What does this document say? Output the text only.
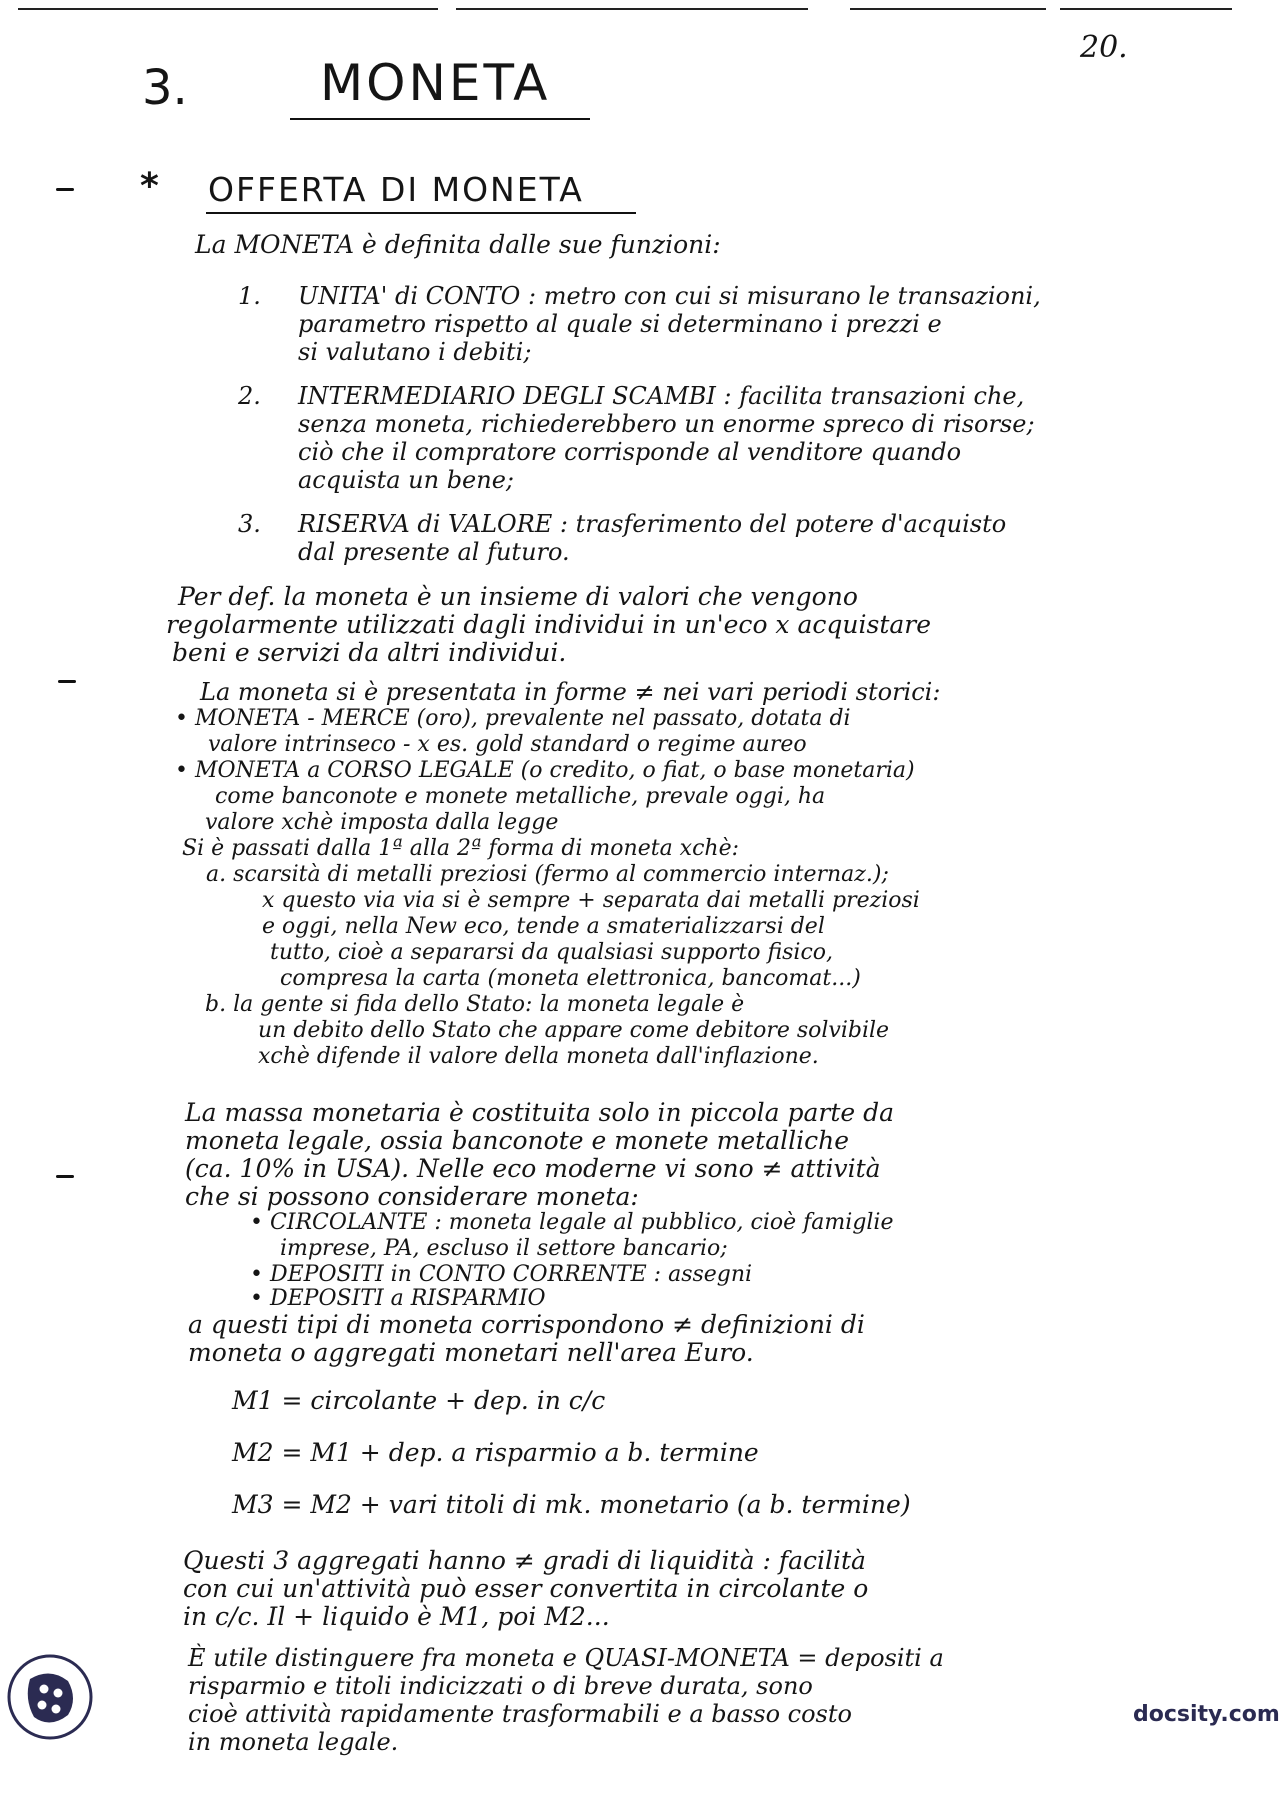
20.
3.	MONETA
* OFFERTA DI MONETA
La MONETA è definita dalle sue funzioni:
1. UNITA' di CONTO : metro con cui si misurano le transazioni,
parametro rispetto al quale si determinano i prezzi e
si valutano i debiti;
2. INTERMEDIARIO DEGLI SCAMBI : facilita transazioni che,
senza moneta, richiederebbero un enorme spreco di risorse;
ciò che il compratore corrisponde al venditore quando
acquista un bene;
3. RISERVA di VALORE : trasferimento del potere d'acquisto
dal presente al futuro.
Per def. la moneta è un insieme di valori che vengono
regolarmente utilizzati dagli individui in un'eco x acquistare
beni e servizi da altri individui.
La moneta si è presentata in forme ≠ nei vari periodi storici:
• MONETA - MERCE (oro), prevalente nel passato, dotata di
valore intrinseco - x es. gold standard o regime aureo
• MONETA a CORSO LEGALE (o credito, o fiat, o base monetaria)
come banconote e monete metalliche, prevale oggi, ha
valore xchè imposta dalla legge
Si è passati dalla 1ª alla 2ª forma di moneta xchè:
a. scarsità di metalli preziosi (fermo al commercio internaz.);
x questo via via si è sempre + separata dai metalli preziosi
e oggi, nella New eco, tende a smaterializzarsi del
tutto, cioè a separarsi da qualsiasi supporto fisico,
compresa la carta (moneta elettronica, bancomat...)
b. la gente si fida dello Stato: la moneta legale è
un debito dello Stato che appare come debitore solvibile
xchè difende il valore della moneta dall'inflazione.
La massa monetaria è costituita solo in piccola parte da
moneta legale, ossia banconote e monete metalliche
(ca. 10% in USA). Nelle eco moderne vi sono ≠ attività
che si possono considerare moneta:
• CIRCOLANTE : moneta legale al pubblico, cioè famiglie
imprese, PA, escluso il settore bancario;
• DEPOSITI in CONTO CORRENTE : assegni
• DEPOSITI a RISPARMIO
a questi tipi di moneta corrispondono ≠ definizioni di
moneta o aggregati monetari nell'area Euro.
M1 = circolante + dep. in c/c
M2 = M1 + dep. a risparmio a b. termine
M3 = M2 + vari titoli di mk. monetario (a b. termine)
Questi 3 aggregati hanno ≠ gradi di liquidità : facilità
con cui un'attività può esser convertita in circolante o
in c/c. Il + liquido è M1, poi M2...
È utile distinguere fra moneta e QUASI-MONETA = depositi a
risparmio e titoli indicizzati o di breve durata, sono
cioè attività rapidamente trasformabili e a basso costo
in moneta legale.
docsity.com
